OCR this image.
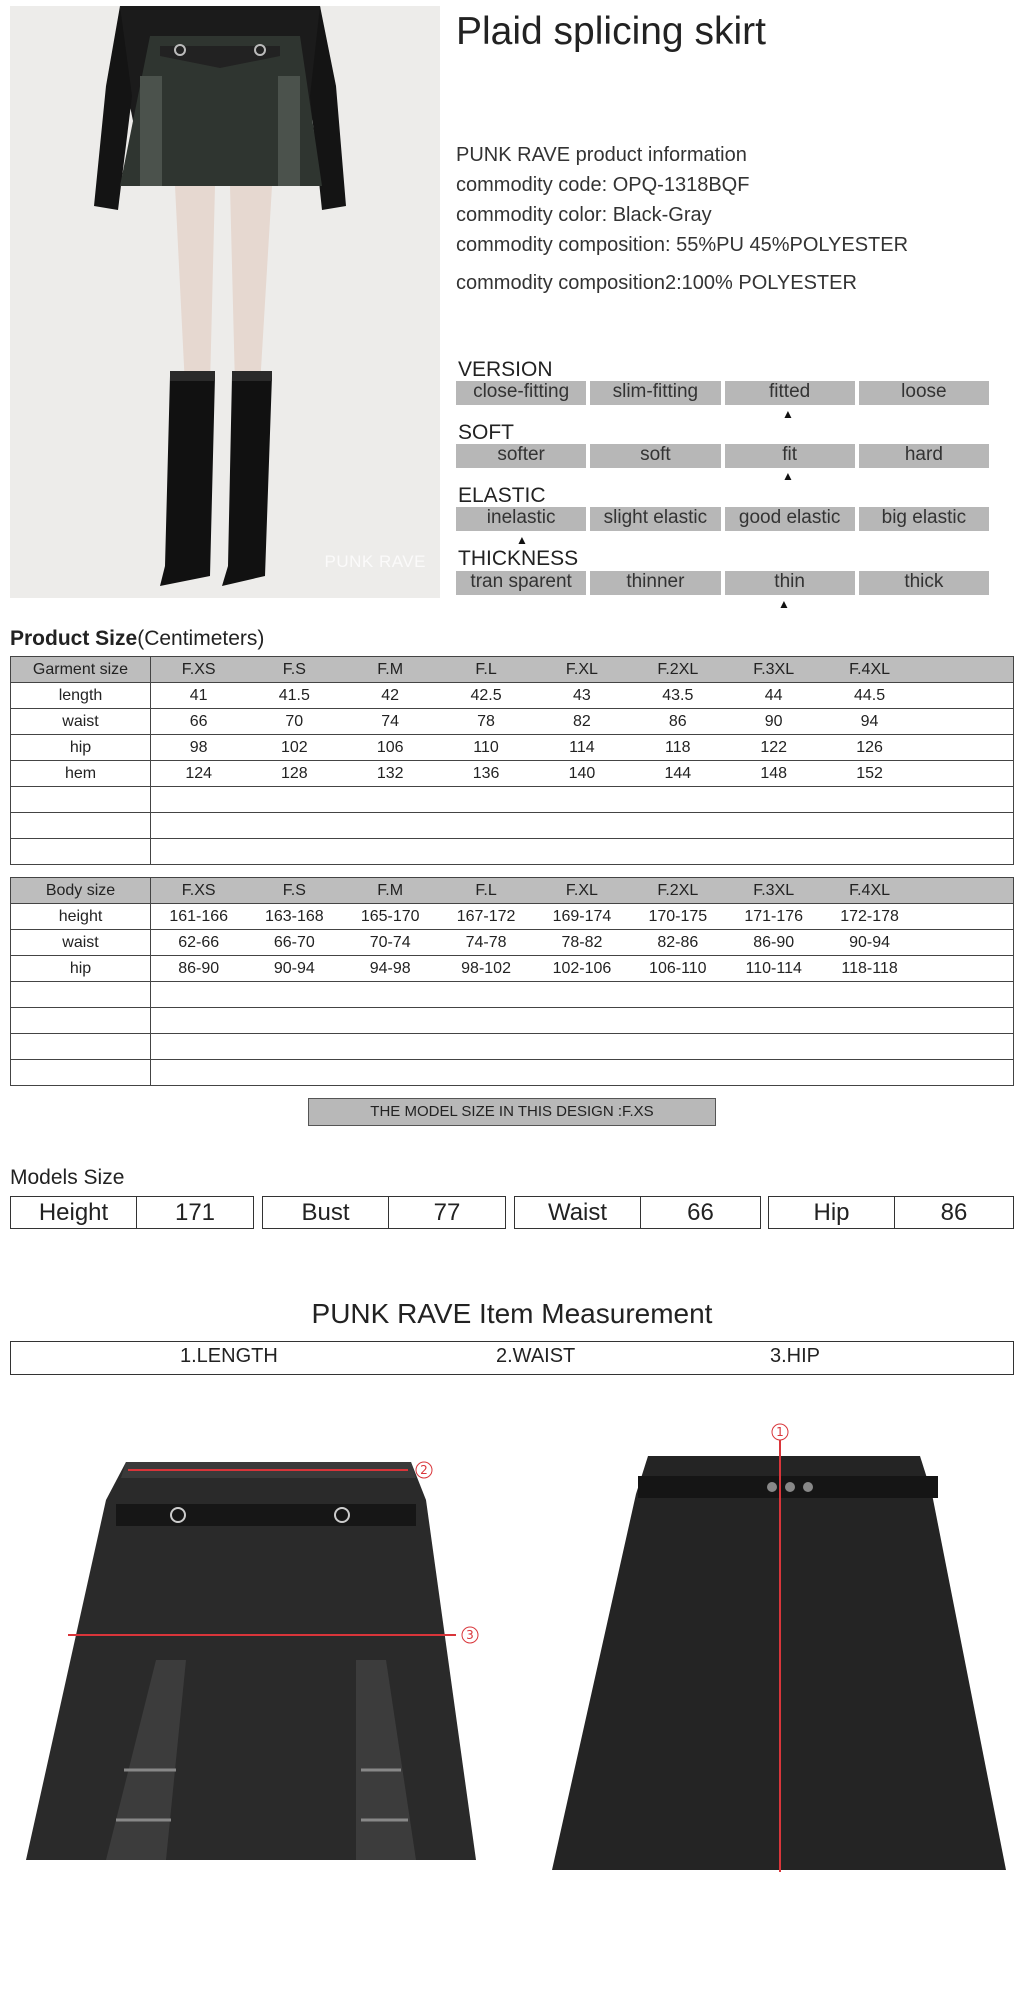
PUNK RAVE
Plaid splicing skirt
PUNK RAVE product information
commodity code: OPQ-1318BQF
commodity color: Black-Gray
commodity composition: 55%PU 45%POLYESTER
commodity composition2:100% POLYESTER
VERSION
close-fitting	slim-fitting	fitted	loose
▲
SOFT
softer	soft	fit	hard
▲
ELASTIC
inelastic	slight elastic	good elastic	big elastic
▲
THICKNESS
tran sparent	thinner	thin	thick
▲
Product Size(Centimeters)
Garment size	F.XS	F.S	F.M	F.L	F.XL	F.2XL	F.3XL	F.4XL	
length	41	41.5	42	42.5	43	43.5	44	44.5	
waist	66	70	74	78	82	86	90	94	
hip	98	102	106	110	114	118	122	126	
hem	124	128	132	136	140	144	148	152	

Body size	F.XS	F.S	F.M	F.L	F.XL	F.2XL	F.3XL	F.4XL	
height	161-166	163-168	165-170	167-172	169-174	170-175	171-176	172-178	
waist	62-66	66-70	70-74	74-78	78-82	82-86	86-90	90-94	
hip	86-90	90-94	94-98	98-102	102-106	106-110	110-114	118-118	

THE MODEL SIZE IN THIS DESIGN :F.XS
Models Size
Height	171	Bust	77	Waist	66	Hip	86
PUNK RAVE Item Measurement
1.LENGTH	2.WAIST	3.HIP
2
3
1
